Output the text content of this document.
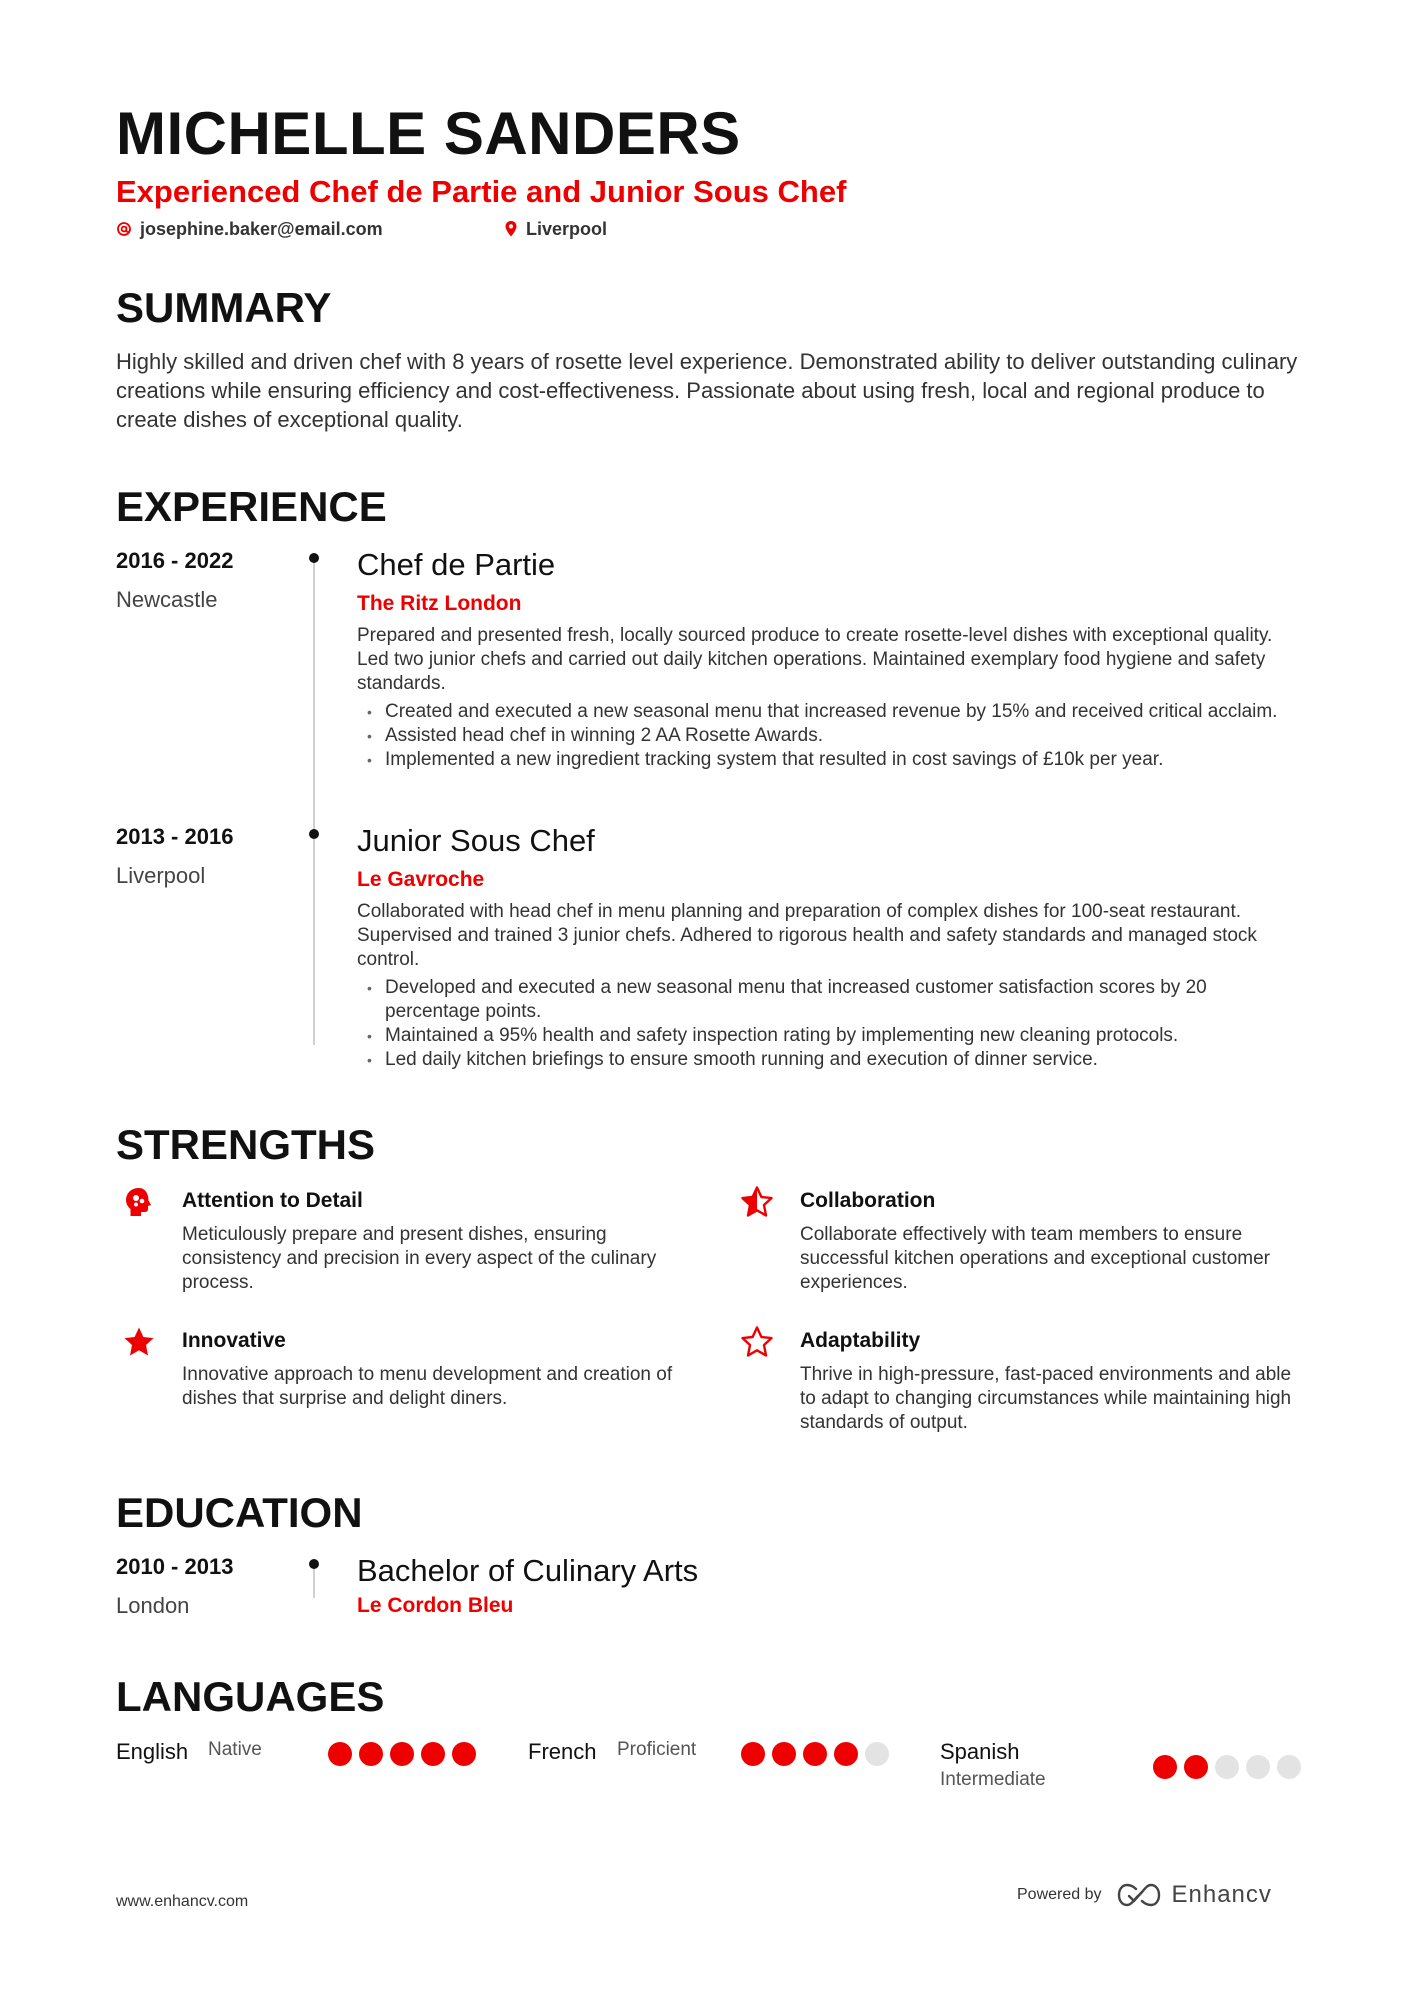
MICHELLE SANDERS
Experienced Chef de Partie and Junior Sous Chef
josephine.baker@email.com	Liverpool
SUMMARY

Highly skilled and driven chef with 8 years of rosette level experience. Demonstrated ability to deliver outstanding culinary creations while ensuring efficiency and cost-effectiveness. Passionate about using fresh, local and regional produce to create dishes of exceptional quality.

EXPERIENCE
2016 - 2022
Newcastle
Chef de Partie
The Ritz London

Prepared and presented fresh, locally sourced produce to create rosette-level dishes with exceptional quality. Led two junior chefs and carried out daily kitchen operations. Maintained exemplary food hygiene and safety standards.

• Created and executed a new seasonal menu that increased revenue by 15% and received critical acclaim.
• Assisted head chef in winning 2 AA Rosette Awards.
• Implemented a new ingredient tracking system that resulted in cost savings of £10k per year.
2013 - 2016
Liverpool
Junior Sous Chef
Le Gavroche

Collaborated with head chef in menu planning and preparation of complex dishes for 100-seat restaurant. Supervised and trained 3 junior chefs. Adhered to rigorous health and safety standards and managed stock control.

• Developed and executed a new seasonal menu that increased customer satisfaction scores by 20 percentage points.
• Maintained a 95% health and safety inspection rating by implementing new cleaning protocols.
• Led daily kitchen briefings to ensure smooth running and execution of dinner service.
STRENGTHS
Attention to Detail

Meticulously prepare and present dishes, ensuring consistency and precision in every aspect of the culinary process.

Collaboration

Collaborate effectively with team members to ensure successful kitchen operations and exceptional customer experiences.

Innovative

Innovative approach to menu development and creation of dishes that surprise and delight diners.

Adaptability

Thrive in high-pressure, fast-paced environments and able to adapt to changing circumstances while maintaining high standards of output.

EDUCATION
2010 - 2013
London
Bachelor of Culinary Arts
Le Cordon Bleu
LANGUAGES
English Native	French Proficient	Spanish
Intermediate
www.enhancv.com	Powered by	Enhancv
